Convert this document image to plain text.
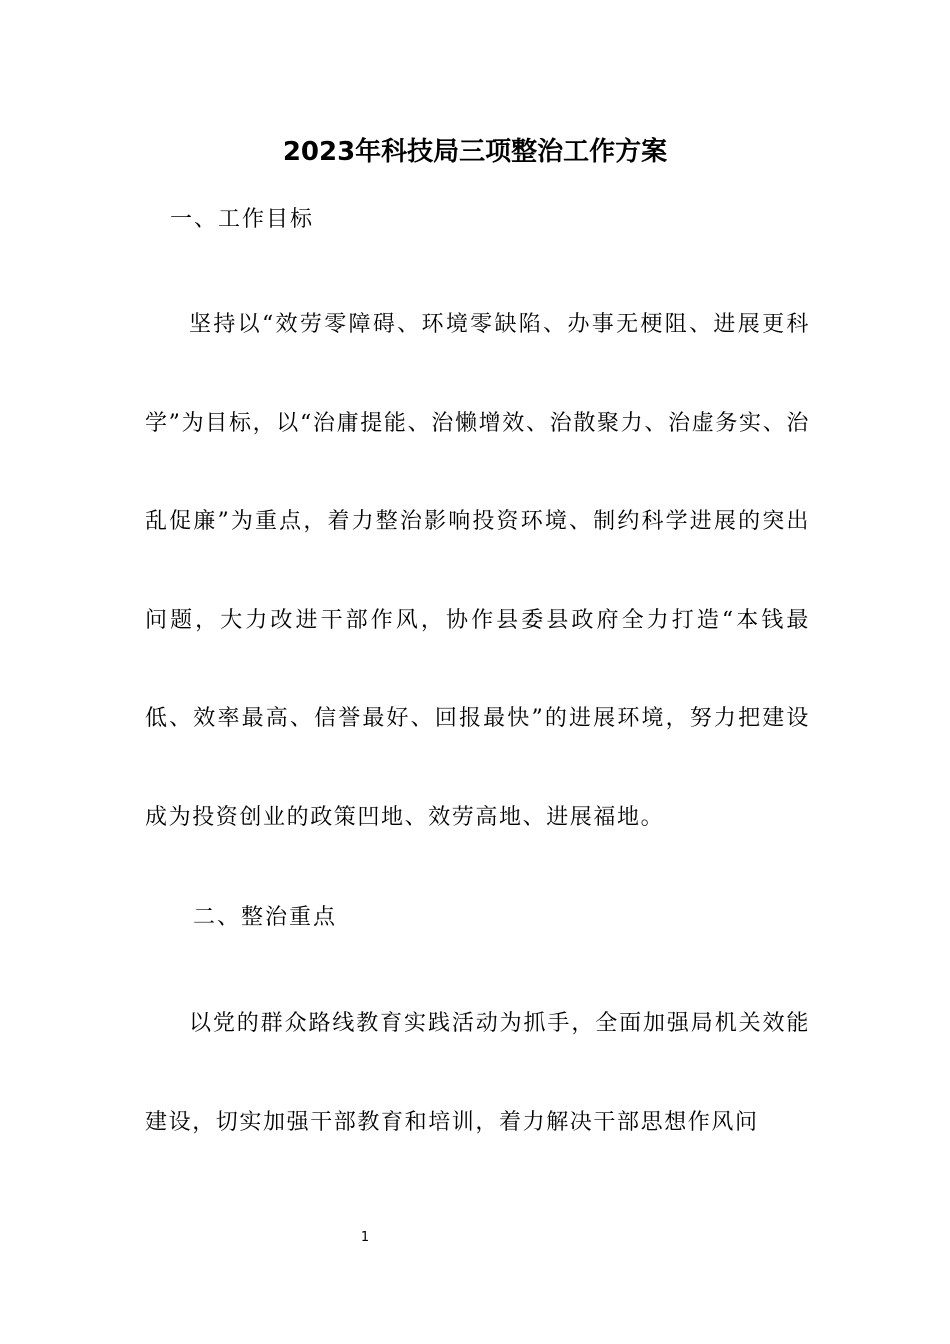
2023年科技局三项整治工作方案
一、工作目标

坚持以“效劳零障碍、环境零缺陷、办事无梗阻、进展更科学”为目标，以“治庸提能、治懒增效、治散聚力、治虚务实、治乱促廉”为重点，着力整治影响投资环境、制约科学进展的突出问题，大力改进干部作风，协作县委县政府全力打造“本钱最低、效率最高、信誉最好、回报最快”的进展环境，努力把建设成为投资创业的政策凹地、效劳高地、进展福地。

二、整治重点

以党的群众路线教育实践活动为抓手，全面加强局机关效能建设，切实加强干部教育和培训，着力解决干部思想作风问

1
